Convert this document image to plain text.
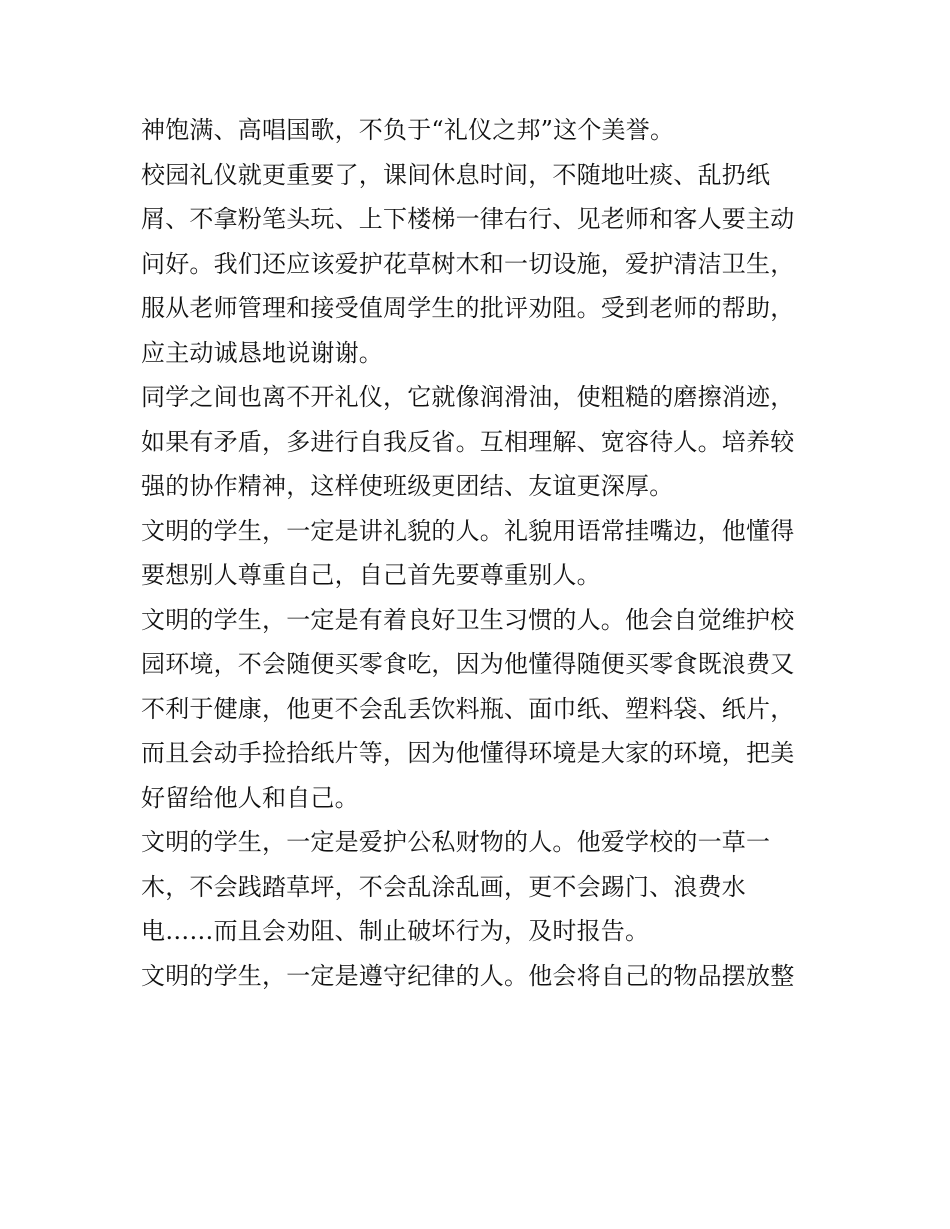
神饱满、高唱国歌，不负于“礼仪之邦”这个美誉。
校园礼仪就更重要了，课间休息时间，不随地吐痰、乱扔纸
屑、不拿粉笔头玩、上下楼梯一律右行、见老师和客人要主动
问好。我们还应该爱护花草树木和一切设施，爱护清洁卫生，
服从老师管理和接受值周学生的批评劝阻。受到老师的帮助，
应主动诚恳地说谢谢。
同学之间也离不开礼仪，它就像润滑油，使粗糙的磨擦消迹，
如果有矛盾，多进行自我反省。互相理解、宽容待人。培养较
强的协作精神，这样使班级更团结、友谊更深厚。
文明的学生，一定是讲礼貌的人。礼貌用语常挂嘴边，他懂得
要想别人尊重自己，自己首先要尊重别人。
文明的学生，一定是有着良好卫生习惯的人。他会自觉维护校
园环境，不会随便买零食吃，因为他懂得随便买零食既浪费又
不利于健康，他更不会乱丢饮料瓶、面巾纸、塑料袋、纸片，
而且会动手捡拾纸片等，因为他懂得环境是大家的环境，把美
好留给他人和自己。
文明的学生，一定是爱护公私财物的人。他爱学校的一草一
木，不会践踏草坪，不会乱涂乱画，更不会踢门、浪费水
电……而且会劝阻、制止破坏行为，及时报告。
文明的学生，一定是遵守纪律的人。他会将自己的物品摆放整
